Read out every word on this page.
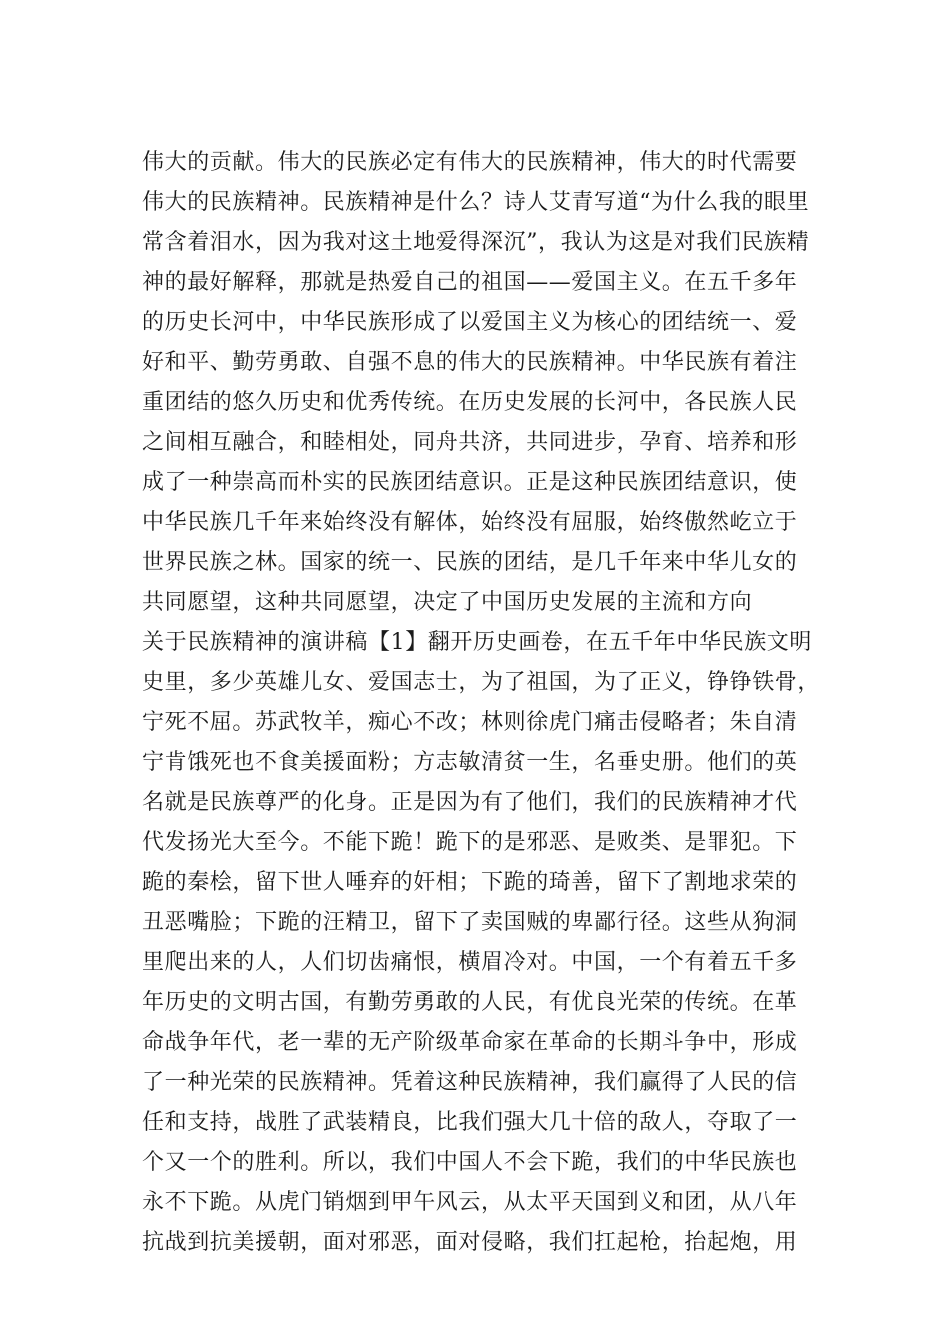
伟大的贡献。伟大的民族必定有伟大的民族精神，伟大的时代需要
伟大的民族精神。民族精神是什么？诗人艾青写道“为什么我的眼里
常含着泪水，因为我对这土地爱得深沉”，我认为这是对我们民族精
神的最好解释，那就是热爱自己的祖国——爱国主义。在五千多年
的历史长河中，中华民族形成了以爱国主义为核心的团结统一、爱
好和平、勤劳勇敢、自强不息的伟大的民族精神。中华民族有着注
重团结的悠久历史和优秀传统。在历史发展的长河中，各民族人民
之间相互融合，和睦相处，同舟共济，共同进步，孕育、培养和形
成了一种崇高而朴实的民族团结意识。正是这种民族团结意识，使
中华民族几千年来始终没有解体，始终没有屈服，始终傲然屹立于
世界民族之林。国家的统一、民族的团结，是几千年来中华儿女的
共同愿望，这种共同愿望，决定了中国历史发展的主流和方向
关于民族精神的演讲稿【1】翻开历史画卷，在五千年中华民族文明
史里，多少英雄儿女、爱国志士，为了祖国，为了正义，铮铮铁骨，
宁死不屈。苏武牧羊，痴心不改；林则徐虎门痛击侵略者；朱自清
宁肯饿死也不食美援面粉；方志敏清贫一生，名垂史册。他们的英
名就是民族尊严的化身。正是因为有了他们，我们的民族精神才代
代发扬光大至今。不能下跪！跪下的是邪恶、是败类、是罪犯。下
跪的秦桧，留下世人唾弃的奸相；下跪的琦善，留下了割地求荣的
丑恶嘴脸；下跪的汪精卫，留下了卖国贼的卑鄙行径。这些从狗洞
里爬出来的人，人们切齿痛恨，横眉冷对。中国，一个有着五千多
年历史的文明古国，有勤劳勇敢的人民，有优良光荣的传统。在革
命战争年代，老一辈的无产阶级革命家在革命的长期斗争中，形成
了一种光荣的民族精神。凭着这种民族精神，我们赢得了人民的信
任和支持，战胜了武装精良，比我们强大几十倍的敌人，夺取了一
个又一个的胜利。所以，我们中国人不会下跪，我们的中华民族也
永不下跪。从虎门销烟到甲午风云，从太平天国到义和团，从八年
抗战到抗美援朝，面对邪恶，面对侵略，我们扛起枪，抬起炮，用
